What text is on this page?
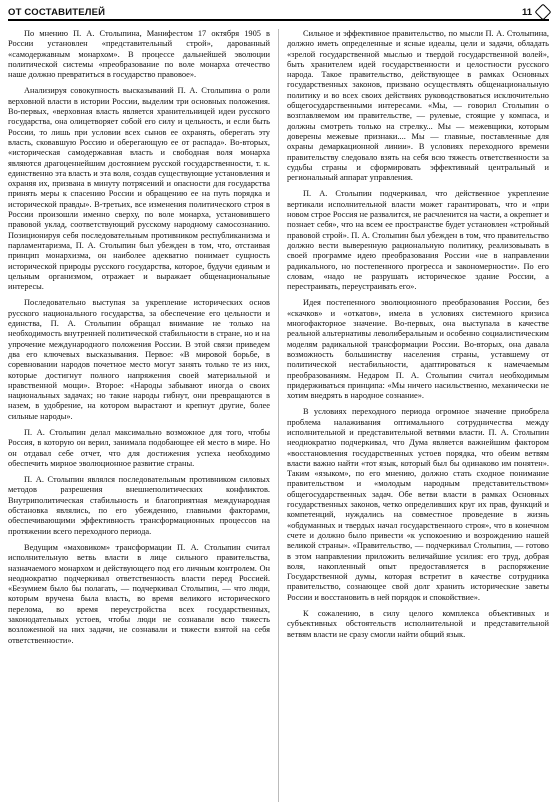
ОТ СОСТАВИТЕЛЕЙ	11

По мнению П. А. Столыпина, Манифестом 17 октября 1905 в России установлен «представительный строй», дарованный «самодержавным монархом». В процессе дальнейшей эволюции политической системы «преобразование по воле монарха отечество наше должно превратиться в государство правовое».

Анализируя совокупность высказываний П. А. Столыпина о роли верховной власти в истории России, выделим три основных положения. Во-первых, «верховная власть является хранительницей идеи русского государства, она олицетворяет собой его силу и цельность, и если быть России, то лишь при условии всех сынов ее охранять, оберегать эту власть, сковавшую Россию и оберегающую ее от распада». Во-вторых, «историческая самодержавная власть и свободная воля монарха являются драгоценнейшим достоянием русской государственности, т. к. единственно эта власть и эта воля, создав существующие установления и охраняя их, призвана в минуту потрясений и опасности для государства принять меры к спасению России и обращению ее на путь порядка и исторической правды». В-третьих, все изменения политического строя в России произошли именно сверху, по воле монарха, установившего правовой уклад, соответствующий русскому народному самосознанию. Позиционируя себя последовательным противником республиканизма и парламентаризма, П. А. Столыпин был убежден в том, что, отстаивая принцип монархизма, он наиболее адекватно понимает сущность исторической природы русского государства, которое, будучи единым и цельным организмом, отражает и выражает общенациональные интересы.

Последовательно выступая за укрепление исторических основ русского национального государства, за обеспечение его цельности и единства, П. А. Столыпин обращал внимание не только на необходимость внутренней политической стабильности в стране, но и на упрочение международного положения России. В этой связи приведем два его ключевых высказывания. Первое: «В мировой борьбе, в соревновании народов почетное место могут занять только те из них, которые достигнут полного напряжения своей материальной и нравственной мощи». Второе: «Народы забывают иногда о своих национальных задачах; но такие народы гибнут, они превращаются в назем, в удобрение, на котором вырастают и крепнут другие, более сильные народы».

П. А. Столыпин делал максимально возможное для того, чтобы Россия, в которую он верил, занимала подобающее ей место в мире. Но он отдавал себе отчет, что для достижения успеха необходимо обеспечить мирное эволюционное развитие страны.

П. А. Столыпин являлся последовательным противником силовых методов разрешения внешнеполитических конфликтов. Внутриполитическая стабильность и благоприятная международная обстановка являлись, по его убеждению, главными факторами, обеспечивающими эффективность трансформационных процессов на протяжении всего переходного периода.

Ведущим «маховиком» трансформации П. А. Столыпин считал исполнительную ветвь власти в лице сильного правительства, назначаемого монархом и действующего под его личным контролем. Он неоднократно подчеркивал ответственность власти перед Россией. «Безумием было бы полагать, — подчеркивал Столыпин, — что люди, которым вручена была власть, во время великого исторического перелома, во время переустройства всех государственных, законодательных устоев, чтобы люди не сознавали всю тяжесть возложенной на них задачи, не сознавали и тяжести взятой на себя ответственности».

Сильное и эффективное правительство, по мысли П. А. Столыпина, должно иметь определенные и ясные идеалы, цели и задачи, обладать «зрелой государственной мыслью и твердой государственной волей», быть хранителем идей государственности и целостности русского народа. Такое правительство, действующее в рамках Основных государственных законов, призвано осуществлять общенациональную политику и во всех своих действиях руководствоваться исключительно общегосударственными интересами. «Мы, — говорил Столыпин о возглавляемом им правительстве, — рулевые, стоящие у компаса, и должны смотреть только на стрелку... Мы — межевщики, которым доверены межевые признаки.... Мы — главные, поставленные для охраны демаркационной линии». В условиях переходного времени правительству следовало взять на себя всю тяжесть ответственности за судьбы страны и сформировать эффективный центральный и региональный аппарат управления.

П. А. Столыпин подчеркивал, что действенное укрепление вертикали исполнительной власти может гарантировать, что и «при новом строе Россия не развалится, не расчленится на части, а окрепнет и познает себя», что на всем ее пространстве будет установлен «стройный правовой строй». П. А. Столыпин был убежден в том, что правительство должно вести выверенную рациональную политику, реализовывать в своей программе идею преобразования России «не в направлении радикального, но постепенного прогресса и закономерности». По его словам, «надо не разрушать историческое здание России, а перестраивать, переустраивать его».

Идея постепенного эволюционного преобразования России, без «скачков» и «откатов», имела в условиях системного кризиса многофакторное значение. Во-первых, она выступала в качестве реальной альтернативы леволиберальным и особенно социалистическим моделям радикальной трансформации России. Во-вторых, она давала возможность большинству населения страны, уставшему от политической нестабильности, адаптироваться к намечаемым преобразованиям. Недаром П. А. Столыпин считал необходимым придерживаться принципа: «Мы ничего насильственно, механически не хотим внедрять в народное сознание».

В условиях переходного периода огромное значение приобрела проблема налаживания оптимального сотрудничества между исполнительной и представительной ветвями власти. П. А. Столыпин неоднократно подчеркивал, что Дума является важнейшим фактором «восстановления государственных устоев порядка, что обеим ветвям власти важно найти «тот язык, который был бы одинаково им понятен». Таким «языком», по его мнению, должно стать сходное понимание правительством и «молодым народным представительством» общегосударственных задач. Обе ветви власти в рамках Основных государственных законов, четко определивших круг их прав, функций и компетенций, нуждались на совместное проведение в жизнь «обдуманных и твердых начал государственного строя», что в конечном счете и должно было привести «к успокоению и возрождению нашей великой страны». «Правительство, — подчеркивал Столыпин, — готово в этом направлении приложить величайшие усилия: его труд, добрая воля, накопленный опыт предоставляется в распоряжение Государственной думы, которая встретит в качестве сотрудника правительство, сознающее свой долг хранить исторические заветы России и восстановить в ней порядок и спокойствие».

К сожалению, в силу целого комплекса объективных и субъективных обстоятельств исполнительной и представительной ветвям власти не сразу смогли найти общий язык.
